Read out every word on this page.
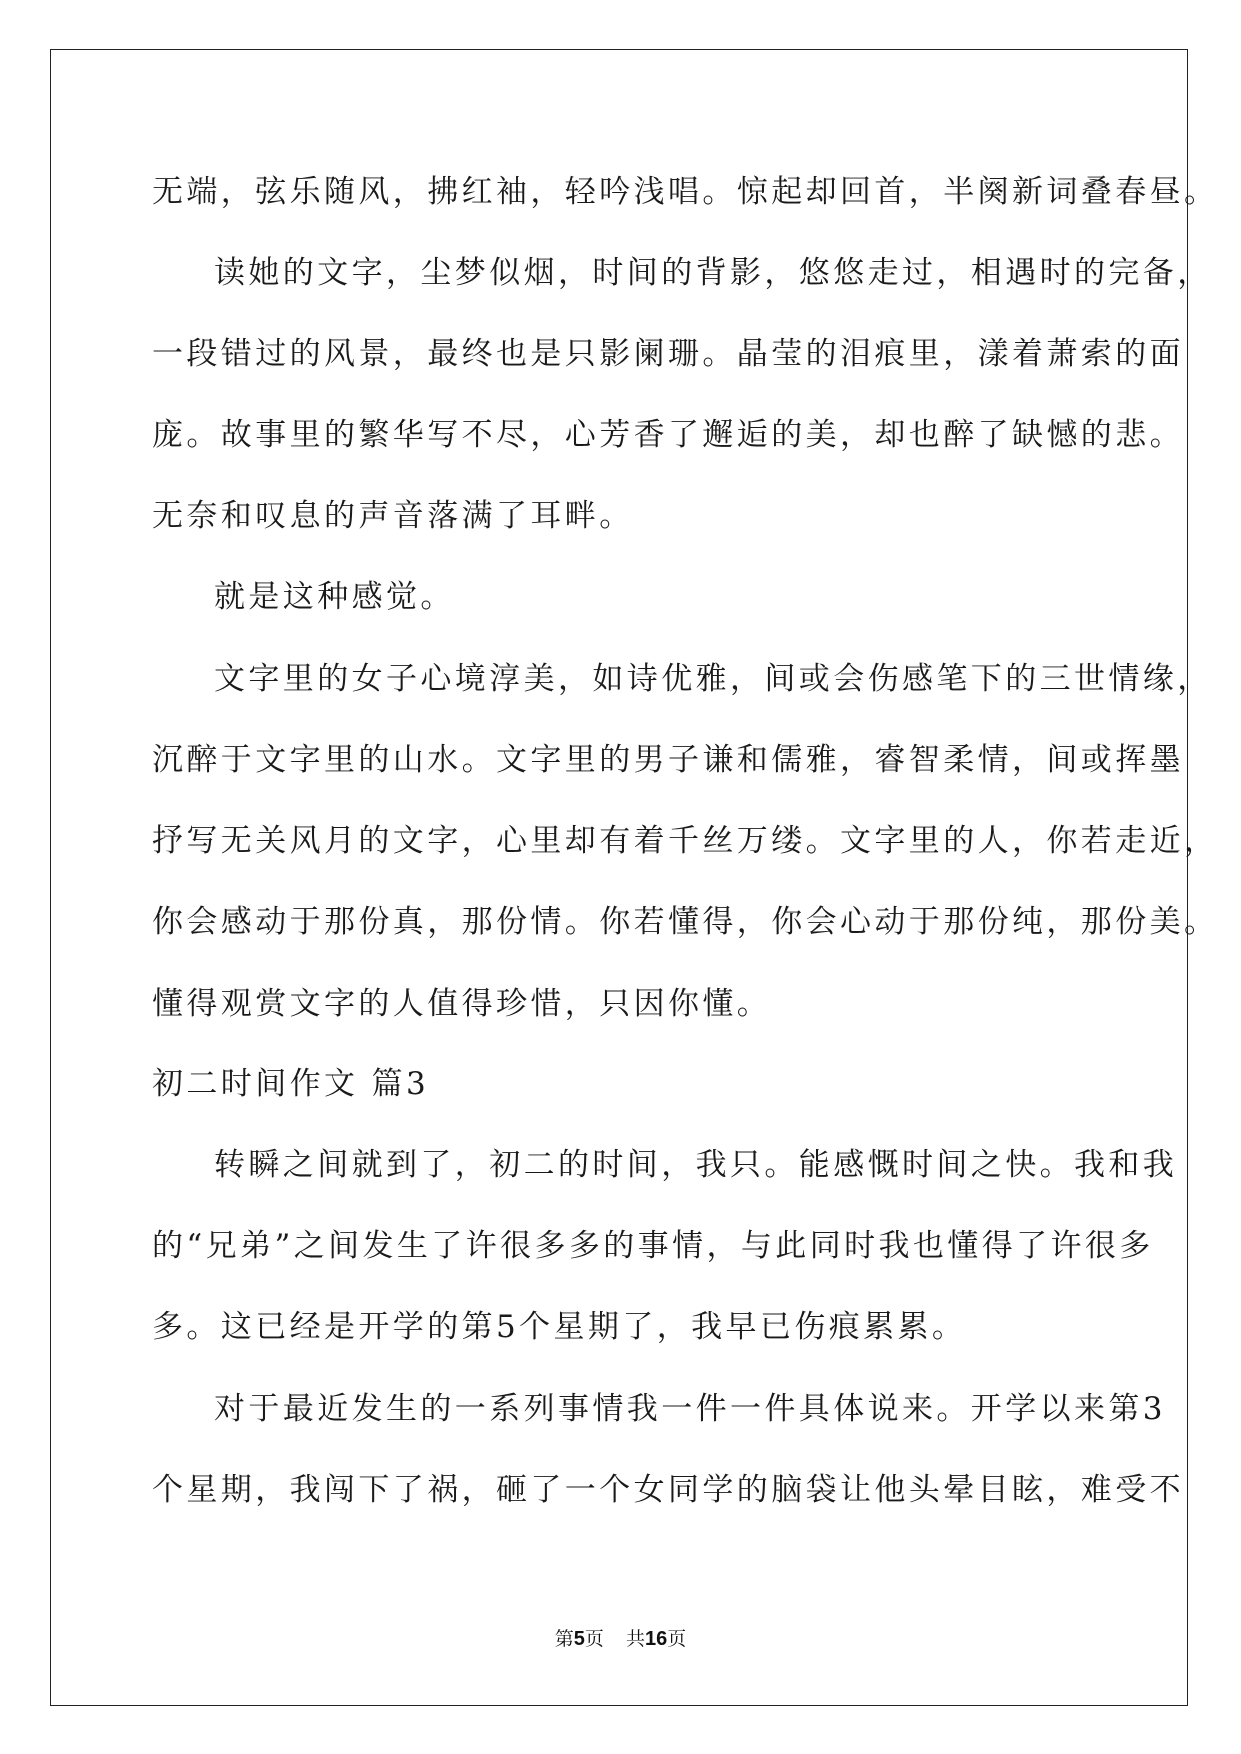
无端，弦乐随风，拂红袖，轻吟浅唱。惊起却回首，半阕新词叠春昼。
读她的文字，尘梦似烟，时间的背影，悠悠走过，相遇时的完备，
一段错过的风景，最终也是只影阑珊。晶莹的泪痕里，漾着萧索的面
庞。故事里的繁华写不尽，心芳香了邂逅的美，却也醉了缺憾的悲。
无奈和叹息的声音落满了耳畔。
就是这种感觉。
文字里的女子心境淳美，如诗优雅，间或会伤感笔下的三世情缘，
沉醉于文字里的山水。文字里的男子谦和儒雅，睿智柔情，间或挥墨
抒写无关风月的文字，心里却有着千丝万缕。文字里的人，你若走近，
你会感动于那份真，那份情。你若懂得，你会心动于那份纯，那份美。
懂得观赏文字的人值得珍惜，只因你懂。
初二时间作文 篇3
转瞬之间就到了，初二的时间，我只。能感慨时间之快。我和我
的“兄弟”之间发生了许很多多的事情，与此同时我也懂得了许很多
多。这已经是开学的第5个星期了，我早已伤痕累累。
对于最近发生的一系列事情我一件一件具体说来。开学以来第3
个星期，我闯下了祸，砸了一个女同学的脑袋让他头晕目眩，难受不
第5页 共16页
